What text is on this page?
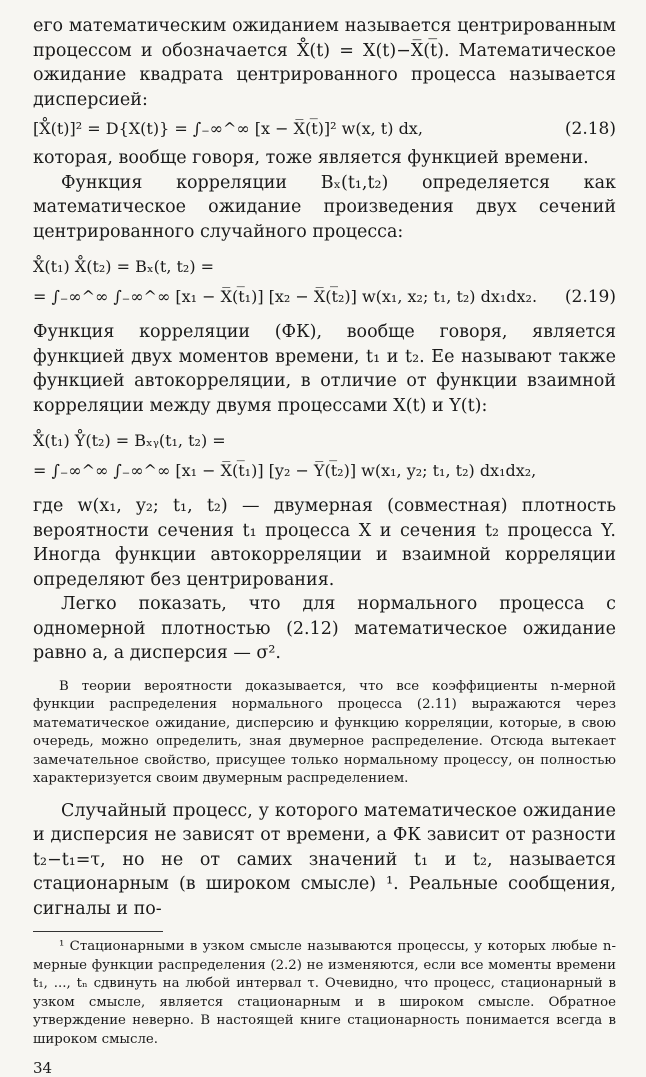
его математическим ожиданием называется центрированным процессом и обозначается X̊(t) = X(t)−X̅(t̅). Математическое ожидание квадрата центрированного процесса называется дисперсией:

[X̊(t)]² = D{X(t)} = ∫₋∞^∞ [x − X̅(t̅)]² w(x, t) dx,	(2.18)

которая, вообще говоря, тоже является функцией времени.

Функция корреляции Bₓ(t₁,t₂) определяется как математическое ожидание произведения двух сечений центрированного случайного процесса:

X̊(t₁) X̊(t₂) = Bₓ(t, t₂) =
= ∫₋∞^∞ ∫₋∞^∞ [x₁ − X̅(t̅₁)] [x₂ − X̅(t̅₂)] w(x₁, x₂; t₁, t₂) dx₁dx₂. (2.19)

Функция корреляции (ФК), вообще говоря, является функцией двух моментов времени, t₁ и t₂. Ее называют также функцией автокорреляции, в отличие от функции взаимной корреляции между двумя процессами X(t) и Y(t):

X̊(t₁) Y̊(t₂) = Bₓᵧ(t₁, t₂) =
= ∫₋∞^∞ ∫₋∞^∞ [x₁ − X̅(t̅₁)] [y₂ − Y̅(t̅₂)] w(x₁, y₂; t₁, t₂) dx₁dx₂,

где w(x₁, y₂; t₁, t₂) — двумерная (совместная) плотность вероятности сечения t₁ процесса X и сечения t₂ процесса Y. Иногда функции автокорреляции и взаимной корреляции определяют без центрирования.

Легко показать, что для нормального процесса с одномерной плотностью (2.12) математическое ожидание равно a, а дисперсия — σ².

В теории вероятности доказывается, что все коэффициенты n-мерной функции распределения нормального процесса (2.11) выражаются через математическое ожидание, дисперсию и функцию корреляции, которые, в свою очередь, можно определить, зная двумерное распределение. Отсюда вытекает замечательное свойство, присущее только нормальному процессу, он полностью характеризуется своим двумерным распределением.

Случайный процесс, у которого математическое ожидание и дисперсия не зависят от времени, а ФК зависит от разности t₂−t₁=τ, но не от самих значений t₁ и t₂, называется стационарным (в широком смысле) ¹. Реальные сообщения, сигналы и по-

¹ Стационарными в узком смысле называются процессы, у которых любые n-мерные функции распределения (2.2) не изменяются, если все моменты времени t₁, ..., tₙ сдвинуть на любой интервал τ. Очевидно, что процесс, стационарный в узком смысле, является стационарным и в широком смысле. Обратное утверждение неверно. В настоящей книге стационарность понимается всегда в широком смысле.

34
